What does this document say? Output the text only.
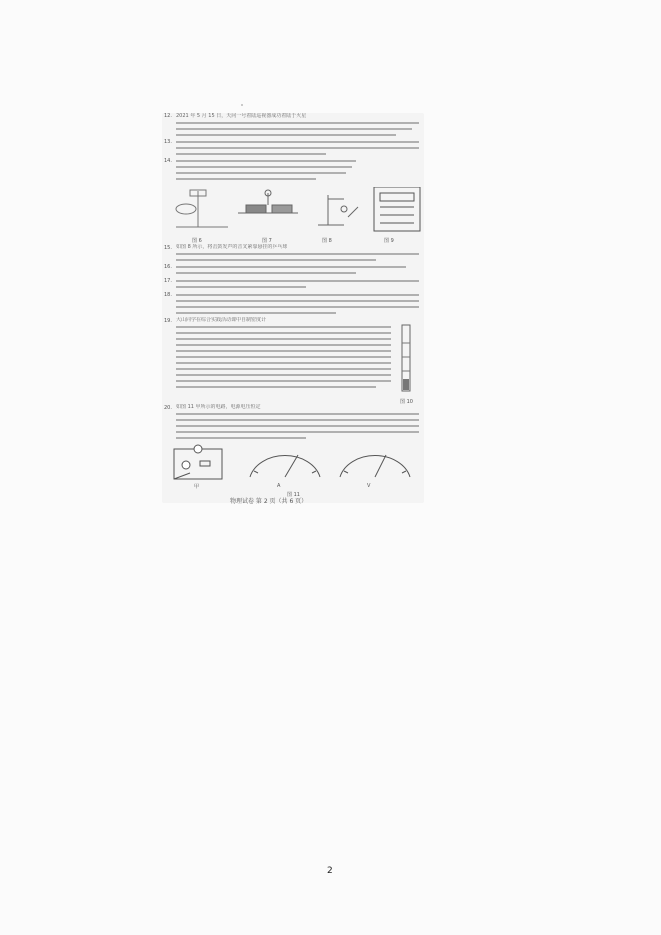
12. 2021 年 5 月 15 日，天问一号着陆巡视器成功着陆于火星
13.
14.
图 6	图 7	图 8	图 9
15. 如图 8 所示，将击鼓发声的音叉紧靠悬挂的乒乓球
16.
17.
18.
19. 大山同学在综合实践活动课中自制密度计
图 10
20. 如图 11 甲所示的电路，电源电压恒定
A	V
甲
图 11
物理试卷 第 2 页（共 6 页）
2
